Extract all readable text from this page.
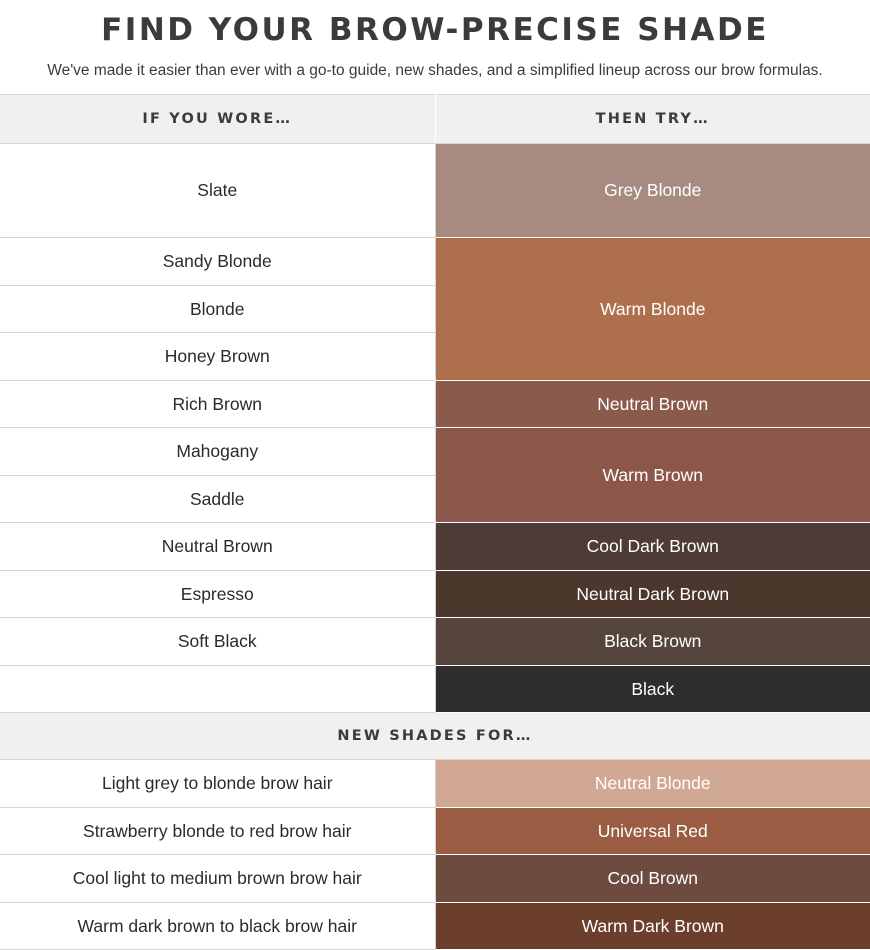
FIND YOUR BROW-PRECISE SHADE

We've made it easier than ever with a go-to guide, new shades, and a simplified lineup across our brow formulas.

IF YOU WORE…	THEN TRY…
Slate	Grey Blonde
Sandy Blonde	Warm Blonde
Blonde	
Honey Brown	
Rich Brown	Neutral Brown
Mahogany	Warm Brown
Saddle	
Neutral Brown	Cool Dark Brown
Espresso	Neutral Dark Brown
Soft Black	Black Brown
	Black
NEW SHADES FOR…	
Light grey to blonde brow hair	Neutral Blonde
Strawberry blonde to red brow hair	Universal Red
Cool light to medium brown brow hair	Cool Brown
Warm dark brown to black brow hair	Warm Dark Brown
